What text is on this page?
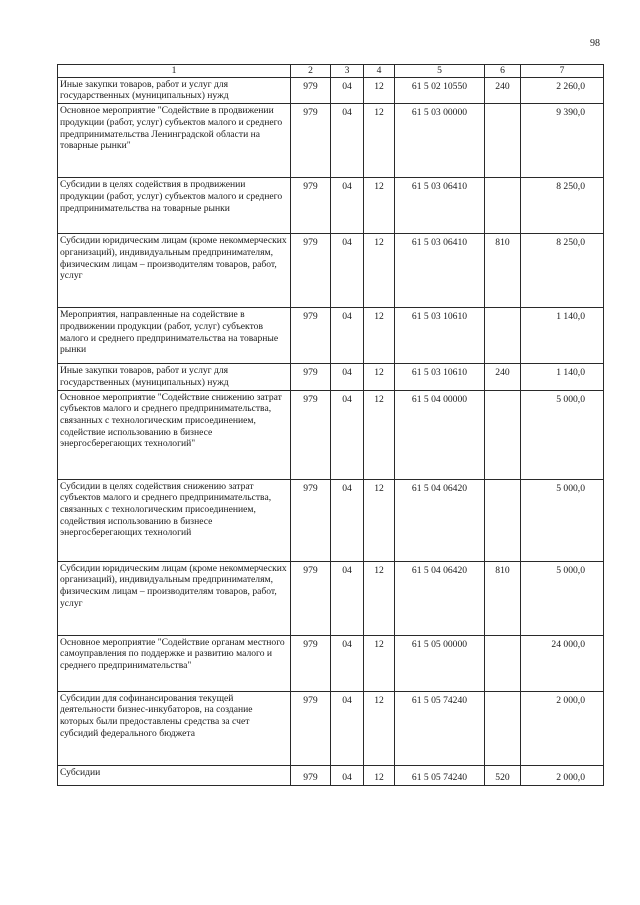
98
1	2	3	4	5	6	7
Иные закупки товаров, работ и услуг для государственных (муниципальных) нужд	979	04	12	61 5 02 10550	240	2 260,0
Основное мероприятие "Содействие в продвижении продукции (работ, услуг) субъектов малого и среднего предпринимательства Ленинградской области на товарные рынки"	979	04	12	61 5 03 00000		9 390,0
Субсидии в целях содействия в продвижении продукции (работ, услуг) субъектов малого и среднего предпринимательства на товарные рынки	979	04	12	61 5 03 06410		8 250,0
Субсидии юридическим лицам (кроме некоммерческих организаций), индивидуальным предпринимателям, физическим лицам – производителям товаров, работ, услуг	979	04	12	61 5 03 06410	810	8 250,0
Мероприятия, направленные на содействие в продвижении продукции (работ, услуг) субъектов малого и среднего предпринимательства на товарные рынки	979	04	12	61 5 03 10610		1 140,0
Иные закупки товаров, работ и услуг для государственных (муниципальных) нужд	979	04	12	61 5 03 10610	240	1 140,0
Основное мероприятие "Содействие снижению затрат субъектов малого и среднего предпринимательства, связанных с технологическим присоединением, содействие использованию в бизнесе энергосберегающих технологий"	979	04	12	61 5 04 00000		5 000,0
Субсидии в целях содействия снижению затрат субъектов малого и среднего предпринимательства, связанных с технологическим присоединением, содействия использованию в бизнесе энергосберегающих технологий	979	04	12	61 5 04 06420		5 000,0
Субсидии юридическим лицам (кроме некоммерческих организаций), индивидуальным предпринимателям, физическим лицам – производителям товаров, работ, услуг	979	04	12	61 5 04 06420	810	5 000,0
Основное мероприятие "Содействие органам местного самоуправления по поддержке и развитию малого и среднего предпринимательства"	979	04	12	61 5 05 00000		24 000,0
Субсидии для софинансирования текущей деятельности бизнес-инкубаторов, на создание которых были предоставлены средства за счет субсидий федерального бюджета	979	04	12	61 5 05 74240		2 000,0
Субсидии	979	04	12	61 5 05 74240	520	2 000,0
